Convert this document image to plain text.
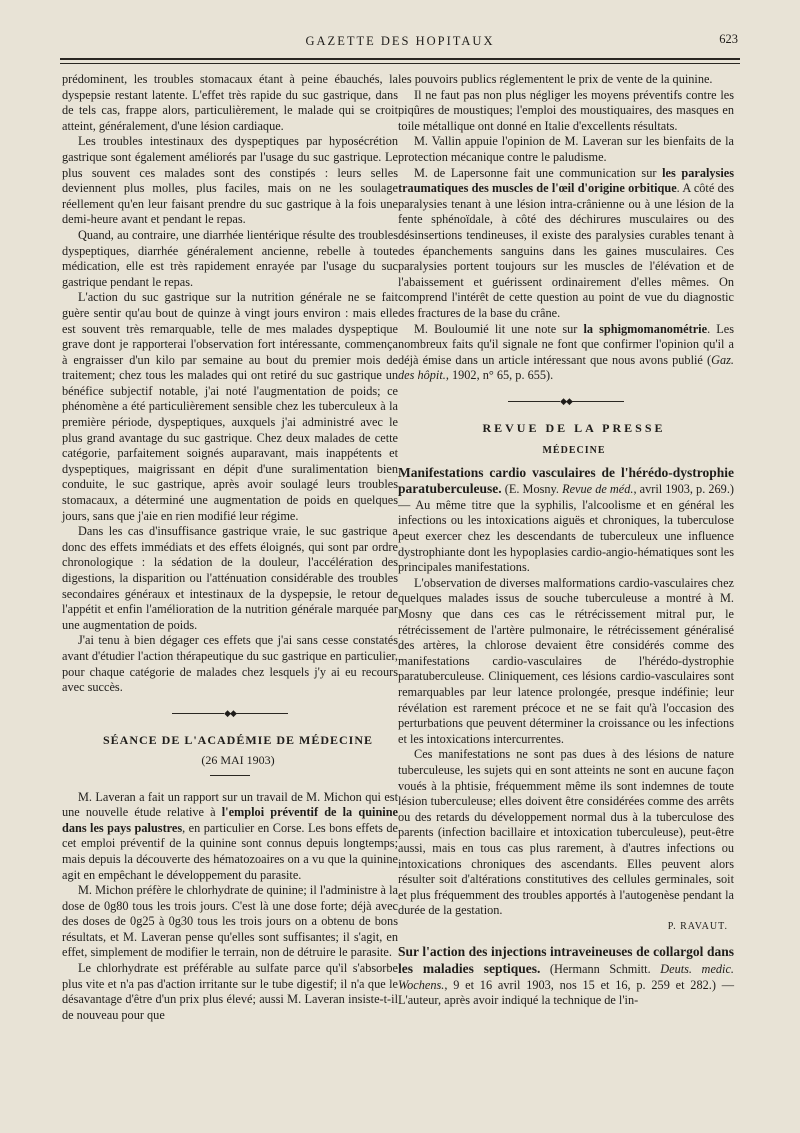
GAZETTE DES HOPITAUX	623

prédominent, les troubles stomacaux étant à peine ébauchés, la dyspepsie restant latente. L'effet très rapide du suc gastrique, dans de tels cas, frappe alors, particulièrement, le malade qui se croit atteint, généralement, d'une lésion cardiaque.

Les troubles intestinaux des dyspeptiques par hyposécrétion gastrique sont également améliorés par l'usage du suc gastrique. Le plus souvent ces malades sont des constipés : leurs selles deviennent plus molles, plus faciles, mais on ne les soulage réellement qu'en leur faisant prendre du suc gastrique à la fois une demi-heure avant et pendant le repas.

Quand, au contraire, une diarrhée lientérique résulte des troubles dyspeptiques, diarrhée généralement ancienne, rebelle à toute médication, elle est très rapidement enrayée par l'usage du suc gastrique pendant le repas.

L'action du suc gastrique sur la nutrition générale ne se fait guère sentir qu'au bout de quinze à vingt jours environ : mais elle est souvent très remarquable, telle de mes malades dyspeptique grave dont je rapporterai l'observation fort intéressante, commença à engraisser d'un kilo par semaine au bout du premier mois de traitement; chez tous les malades qui ont retiré du suc gastrique un bénéfice subjectif notable, j'ai noté l'augmentation de poids; ce phénomène a été particulièrement sensible chez les tuberculeux à la première période, dyspeptiques, auxquels j'ai administré avec le plus grand avantage du suc gastrique. Chez deux malades de cette catégorie, parfaitement soignés auparavant, mais inappétents et dyspeptiques, maigrissant en dépit d'une suralimentation bien conduite, le suc gastrique, après avoir soulagé leurs troubles stomacaux, a déterminé une augmentation de poids en quelques jours, sans que j'aie en rien modifié leur régime.

Dans les cas d'insuffisance gastrique vraie, le suc gastrique a donc des effets immédiats et des effets éloignés, qui sont par ordre chronologique : la sédation de la douleur, l'accélération des digestions, la disparition ou l'atténuation considérable des troubles secondaires généraux et intestinaux de la dyspepsie, le retour de l'appétit et enfin l'amélioration de la nutrition générale marquée par une augmentation de poids.

J'ai tenu à bien dégager ces effets que j'ai sans cesse constatés avant d'étudier l'action thérapeutique du suc gastrique en particulier, pour chaque catégorie de malades chez lesquels j'y ai eu recours avec succès.

◆◆

SÉANCE DE L'ACADÉMIE DE MÉDECINE

(26 MAI 1903)

M. Laveran a fait un rapport sur un travail de M. Michon qui est une nouvelle étude relative à l'emploi préventif de la quinine dans les pays palustres, en particulier en Corse. Les bons effets de cet emploi préventif de la quinine sont connus depuis longtemps; mais depuis la découverte des hématozoaires on a vu que la quinine agit en empêchant le développement du parasite.

M. Michon préfère le chlorhydrate de quinine; il l'administre à la dose de 0g80 tous les trois jours. C'est là une dose forte; déjà avec des doses de 0g25 à 0g30 tous les trois jours on a obtenu de bons résultats, et M. Laveran pense qu'elles sont suffisantes; il s'agit, en effet, simplement de modifier le terrain, non de détruire le parasite.

Le chlorhydrate est préférable au sulfate parce qu'il s'absorbe plus vite et n'a pas d'action irritante sur le tube digestif; il n'a que le désavantage d'être d'un prix plus élevé; aussi M. Laveran insiste-t-il de nouveau pour que

les pouvoirs publics réglementent le prix de vente de la quinine.

Il ne faut pas non plus négliger les moyens préventifs contre les piqûres de moustiques; l'emploi des moustiquaires, des masques en toile métallique ont donné en Italie d'excellents résultats.

M. Vallin appuie l'opinion de M. Laveran sur les bienfaits de la protection mécanique contre le paludisme.

M. de Lapersonne fait une communication sur les paralysies traumatiques des muscles de l'œil d'origine orbitique. A côté des paralysies tenant à une lésion intra-crânienne ou à une lésion de la fente sphénoïdale, à côté des déchirures musculaires ou des désinsertions tendineuses, il existe des paralysies curables tenant à des épanchements sanguins dans les gaines musculaires. Ces paralysies portent toujours sur les muscles de l'élévation et de l'abaissement et guérissent ordinairement d'elles mêmes. On comprend l'intérêt de cette question au point de vue du diagnostic des fractures de la base du crâne.

M. Bouloumié lit une note sur la sphigmomanométrie. Les nombreux faits qu'il signale ne font que confirmer l'opinion qu'il a déjà émise dans un article intéressant que nous avons publié (Gaz. des hôpit., 1902, n° 65, p. 655).

◆◆

REVUE DE LA PRESSE

MÉDECINE

Manifestations cardio vasculaires de l'hérédo-dystrophie paratuberculeuse. (E. Mosny. Revue de méd., avril 1903, p. 269.) — Au même titre que la syphilis, l'alcoolisme et en général les infections ou les intoxications aiguës et chroniques, la tuberculose peut exercer chez les descendants de tuberculeux une influence dystrophiante dont les hypoplasies cardio-angio-hématiques sont les principales manifestations.

L'observation de diverses malformations cardio-vasculaires chez quelques malades issus de souche tuberculeuse a montré à M. Mosny que dans ces cas le rétrécissement mitral pur, le rétrécissement de l'artère pulmonaire, le rétrécissement généralisé des artères, la chlorose devaient être considérés comme des manifestations cardio-vasculaires de l'hérédo-dystrophie paratuberculeuse. Cliniquement, ces lésions cardio-vasculaires sont remarquables par leur latence prolongée, presque indéfinie; leur révélation est rarement précoce et ne se fait qu'à l'occasion des perturbations que peuvent déterminer la croissance ou les infections et les intoxications intercurrentes.

Ces manifestations ne sont pas dues à des lésions de nature tuberculeuse, les sujets qui en sont atteints ne sont en aucune façon voués à la phtisie, fréquemment même ils sont indemnes de toute lésion tuberculeuse; elles doivent être considérées comme des arrêts ou des retards du développement normal dus à la tuberculose des parents (infection bacillaire et intoxication tuberculeuse), peut-être aussi, mais en tous cas plus rarement, à d'autres infections ou intoxications chroniques des ascendants. Elles peuvent alors résulter soit d'altérations constitutives des cellules germinales, soit et plus fréquemment des troubles apportés à l'autogenèse pendant la durée de la gestation.

P. RAVAUT.

Sur l'action des injections intraveineuses de collargol dans les maladies septiques. (Hermann Schmitt. Deuts. medic. Wochens., 9 et 16 avril 1903, nos 15 et 16, p. 259 et 282.) — L'auteur, après avoir indiqué la technique de l'in-
